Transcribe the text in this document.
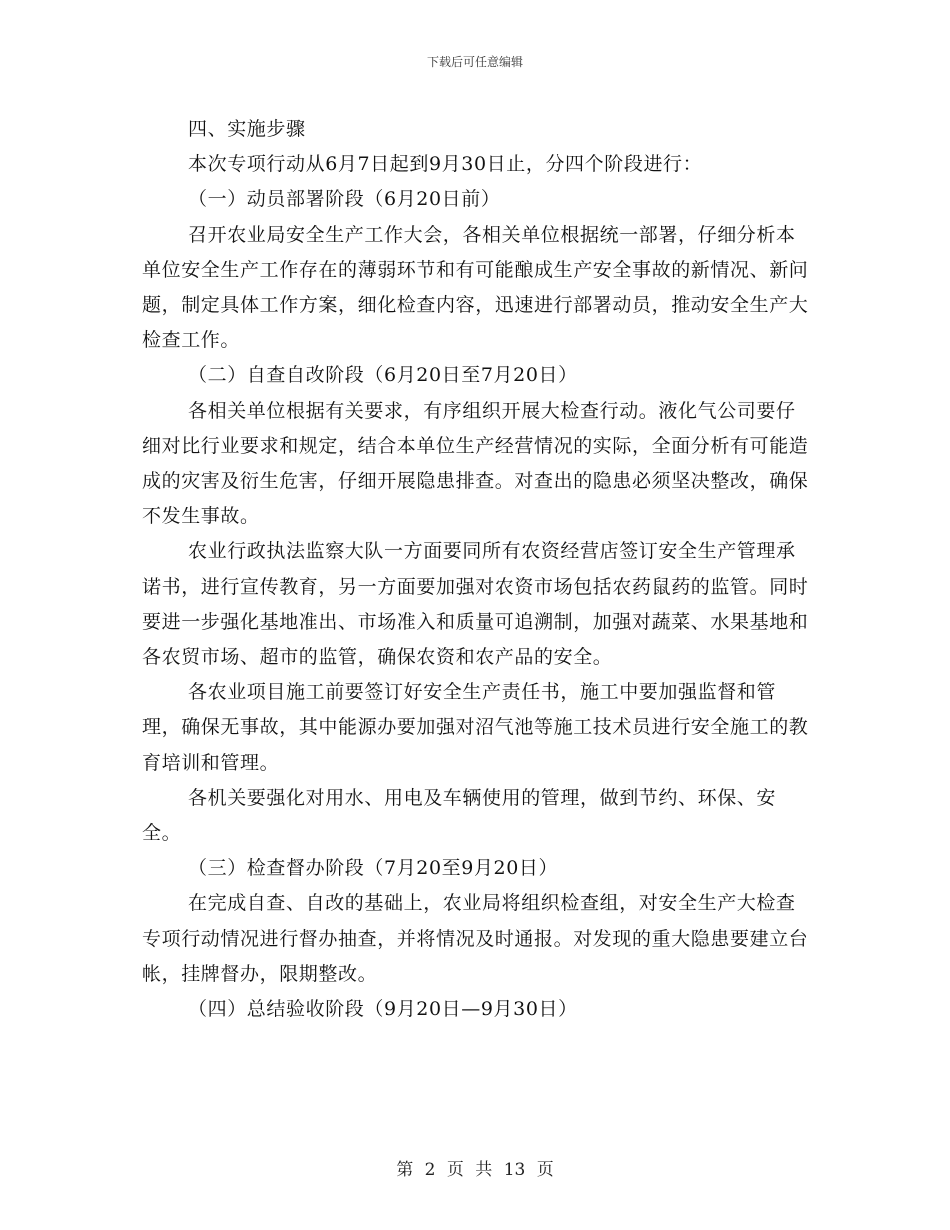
下载后可任意编辑

四、实施步骤

本次专项行动从6月7日起到9月30日止，分四个阶段进行：

（一）动员部署阶段（6月20日前）

召开农业局安全生产工作大会，各相关单位根据统一部署，仔细分析本单位安全生产工作存在的薄弱环节和有可能酿成生产安全事故的新情况、新问题，制定具体工作方案，细化检查内容，迅速进行部署动员，推动安全生产大检查工作。

（二）自查自改阶段（6月20日至7月20日）

各相关单位根据有关要求，有序组织开展大检查行动。液化气公司要仔细对比行业要求和规定，结合本单位生产经营情况的实际，全面分析有可能造成的灾害及衍生危害，仔细开展隐患排查。对查出的隐患必须坚决整改，确保不发生事故。

农业行政执法监察大队一方面要同所有农资经营店签订安全生产管理承诺书，进行宣传教育，另一方面要加强对农资市场包括农药鼠药的监管。同时要进一步强化基地准出、市场准入和质量可追溯制，加强对蔬菜、水果基地和各农贸市场、超市的监管，确保农资和农产品的安全。

各农业项目施工前要签订好安全生产责任书，施工中要加强监督和管理，确保无事故，其中能源办要加强对沼气池等施工技术员进行安全施工的教育培训和管理。

各机关要强化对用水、用电及车辆使用的管理，做到节约、环保、安全。

（三）检查督办阶段（7月20至9月20日）

在完成自查、自改的基础上，农业局将组织检查组，对安全生产大检查专项行动情况进行督办抽查，并将情况及时通报。对发现的重大隐患要建立台帐，挂牌督办，限期整改。

（四）总结验收阶段（9月20日—9月30日）

第 2 页 共 13 页
